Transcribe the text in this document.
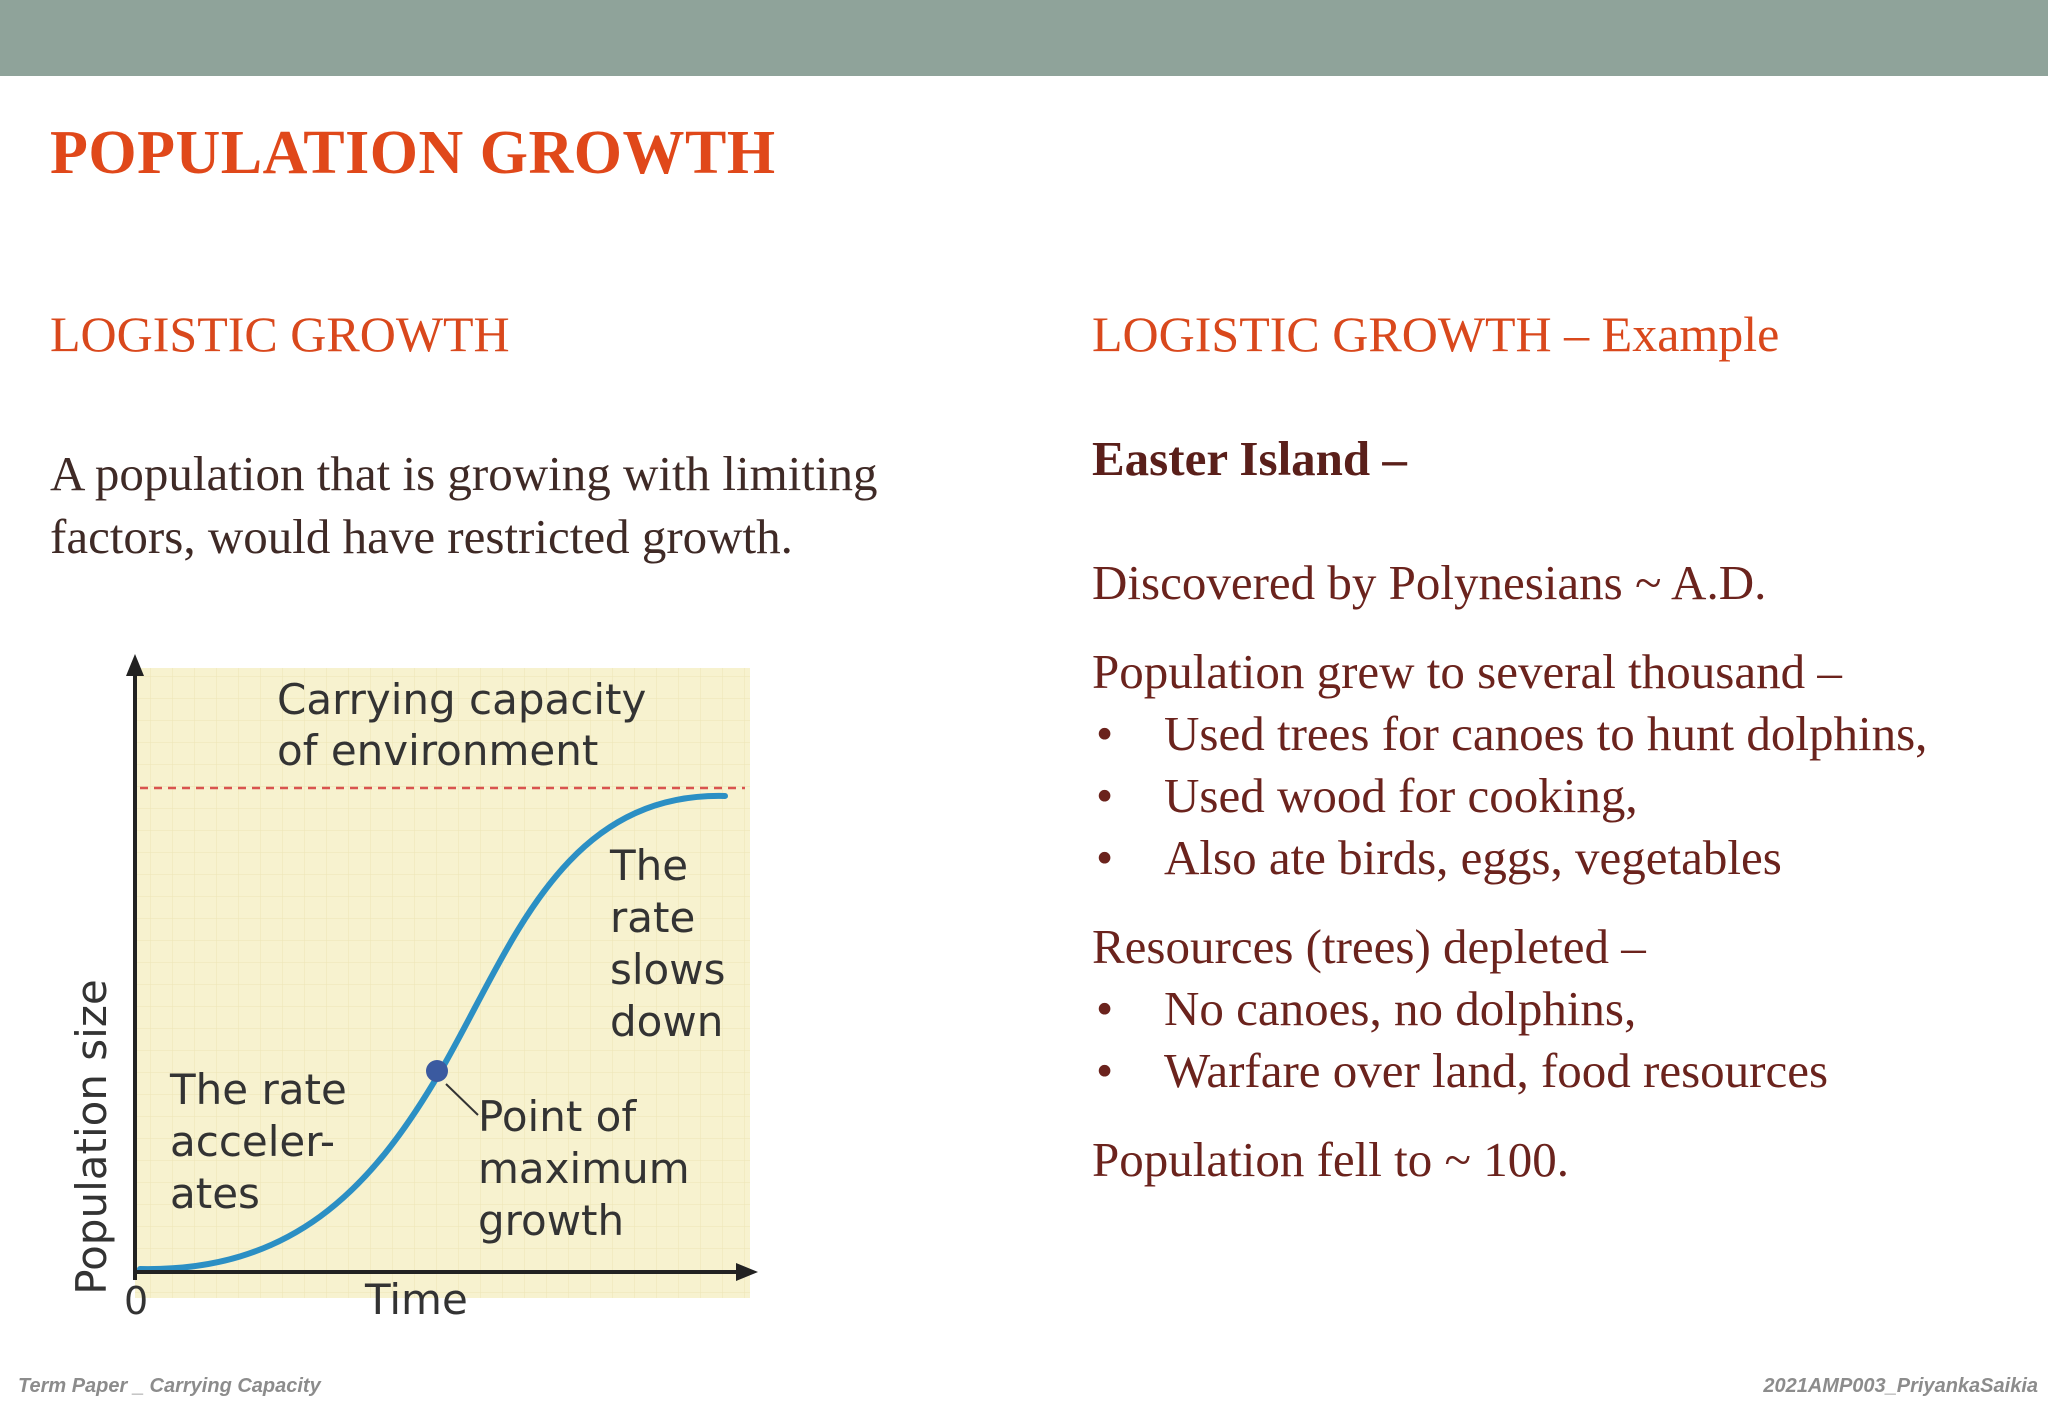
POPULATION GROWTH
LOGISTIC GROWTH	LOGISTIC GROWTH – Example

A population that is growing with limiting factors, would have restricted growth.

Carrying capacity
of environment
The
rate
slows
down
The rate
acceler-
ates
Point of
maximum
growth
0	Time
Population size

Easter Island –

Discovered by Polynesians ~ A.D.

Population grew to several thousand –

• Used trees for canoes to hunt dolphins,
• Used wood for cooking,
• Also ate birds, eggs, vegetables

Resources (trees) depleted –

• No canoes, no dolphins,
• Warfare over land, food resources

Population fell to ~ 100.

Term Paper _ Carrying Capacity	2021AMP003_PriyankaSaikia
